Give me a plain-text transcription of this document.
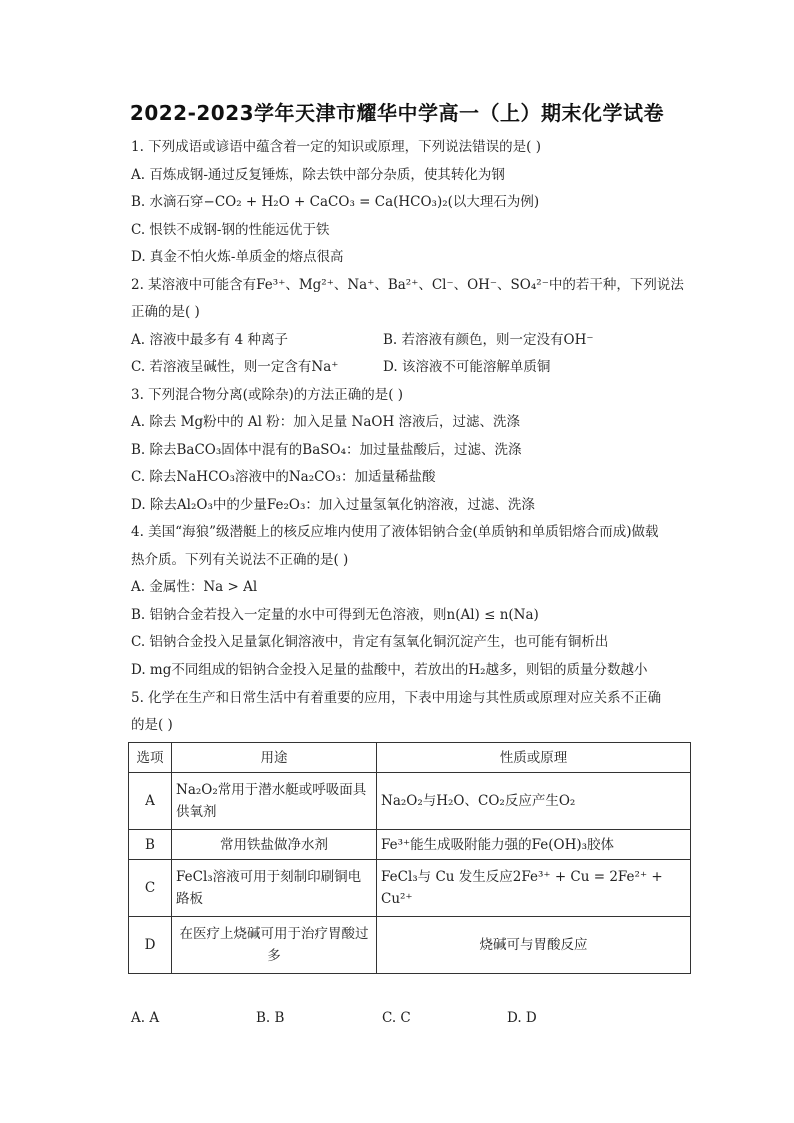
2022-2023学年天津市耀华中学高一（上）期末化学试卷
1. 下列成语或谚语中蕴含着一定的知识或原理，下列说法错误的是( )
A. 百炼成钢-通过反复锤炼，除去铁中部分杂质，使其转化为钢
B. 水滴石穿−CO₂ + H₂O + CaCO₃ = Ca(HCO₃)₂(以大理石为例)
C. 恨铁不成钢-钢的性能远优于铁
D. 真金不怕火炼-单质金的熔点很高
2. 某溶液中可能含有Fe³⁺、Mg²⁺、Na⁺、Ba²⁺、Cl⁻、OH⁻、SO₄²⁻中的若干种，下列说法
正确的是( )
A. 溶液中最多有 4 种离子	B. 若溶液有颜色，则一定没有OH⁻
C. 若溶液呈碱性，则一定含有Na⁺	D. 该溶液不可能溶解单质铜
3. 下列混合物分离(或除杂)的方法正确的是( )
A. 除去 Mg粉中的 Al 粉：加入足量 NaOH 溶液后，过滤、洗涤
B. 除去BaCO₃固体中混有的BaSO₄：加过量盐酸后，过滤、洗涤
C. 除去NaHCO₃溶液中的Na₂CO₃：加适量稀盐酸
D. 除去Al₂O₃中的少量Fe₂O₃：加入过量氢氧化钠溶液，过滤、洗涤
4. 美国“海狼”级潜艇上的核反应堆内使用了液体铝钠合金(单质钠和单质铝熔合而成)做载
热介质。下列有关说法不正确的是( )
A. 金属性：Na > Al
B. 铝钠合金若投入一定量的水中可得到无色溶液，则n(Al) ≤ n(Na)
C. 铝钠合金投入足量氯化铜溶液中，肯定有氢氧化铜沉淀产生，也可能有铜析出
D. mg不同组成的铝钠合金投入足量的盐酸中，若放出的H₂越多，则铝的质量分数越小
5. 化学在生产和日常生活中有着重要的应用，下表中用途与其性质或原理对应关系不正确
的是( )
选项	用途	性质或原理
A	Na₂O₂常用于潜水艇或呼吸面具供氧剂	Na₂O₂与H₂O、CO₂反应产生O₂
B	常用铁盐做净水剂	Fe³⁺能生成吸附能力强的Fe(OH)₃胶体
C	FeCl₃溶液可用于刻制印刷铜电路板	FeCl₃与 Cu 发生反应2Fe³⁺ + Cu = 2Fe²⁺ + Cu²⁺
D	在医疗上烧碱可用于治疗胃酸过多	烧碱可与胃酸反应
A. A	B. B	C. C	D. D
